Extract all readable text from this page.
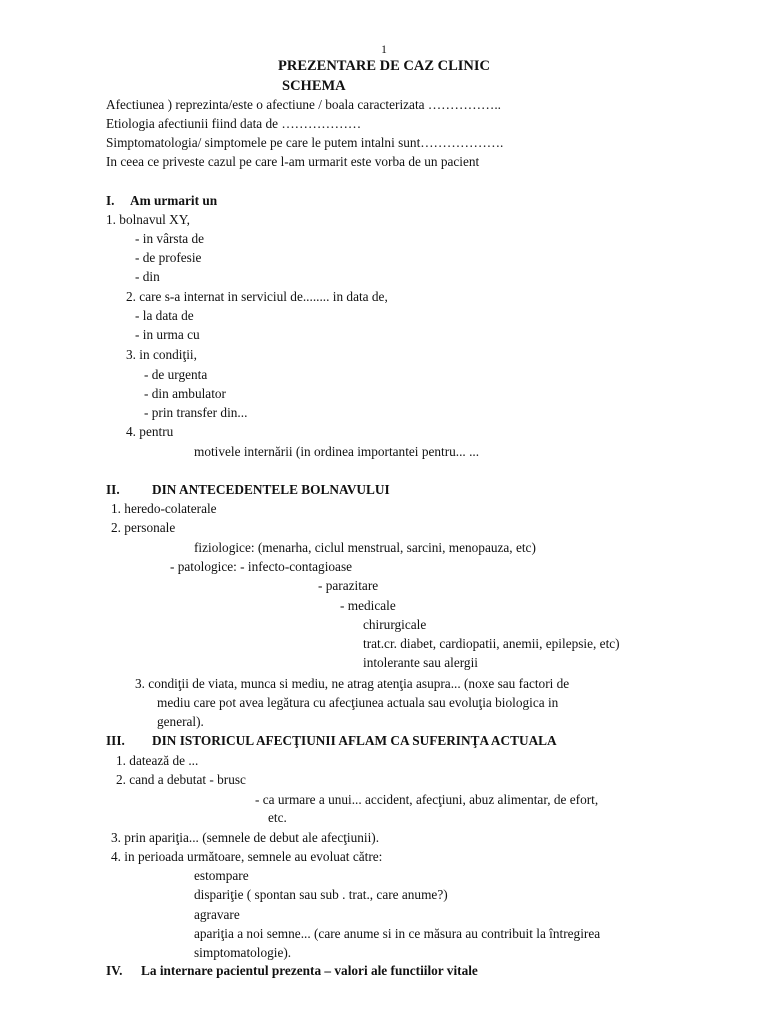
1
PREZENTARE DE CAZ CLINIC
SCHEMA
Afectiunea ) reprezinta/este o afectiune / boala caracterizata ……………..
Etiologia afectiunii fiind data de ………………
Simptomatologia/ simptomele pe care le putem intalni sunt……………….
In ceea ce priveste cazul pe care l-am urmarit este vorba de un pacient
I. Am urmarit un
1. bolnavul XY,
- in vârsta de
- de profesie
- din
2. care s-a internat in serviciul de........ in data de,
- la data de
- in urma cu
3. in condiţii,
- de urgenta
- din ambulator
- prin transfer din...
4. pentru
motivele internării (in ordinea importantei pentru... ...
II. DIN ANTECEDENTELE BOLNAVULUI
1. heredo-colaterale
2. personale
fiziologice: (menarha, ciclul menstrual, sarcini, menopauza, etc)
- patologice: - infecto-contagioase
- parazitare
- medicale
chirurgicale
trat.cr. diabet, cardiopatii, anemii, epilepsie, etc)
intolerante sau alergii
3. condiţii de viata, munca si mediu, ne atrag atenţia asupra... (noxe sau factori de
mediu care pot avea legătura cu afecţiunea actuala sau evoluţia biologica in
general).
III. DIN ISTORICUL AFECŢIUNII AFLAM CA SUFERINŢA ACTUALA
1. datează de ...
2. cand a debutat - brusc
- ca urmare a unui... accident, afecţiuni, abuz alimentar, de efort,
etc.
3. prin apariţia... (semnele de debut ale afecţiunii).
4. in perioada următoare, semnele au evoluat către:
estompare
dispariţie ( spontan sau sub . trat., care anume?)
agravare
apariţia a noi semne... (care anume si in ce măsura au contribuit la întregirea
simptomatologie).
IV. La internare pacientul prezenta – valori ale functiilor vitale
